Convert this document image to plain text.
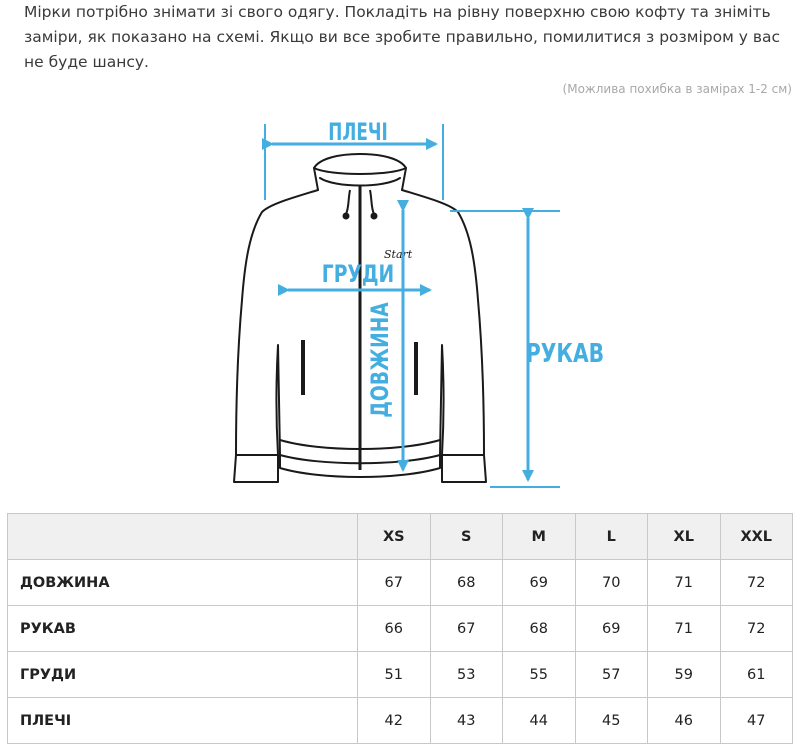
Мірки потрібно знімати зі свого одягу. Покладіть на рівну поверхню свою кофту та зніміть заміри, як показано на схемі. Якщо ви все зробите правильно, помилитися з розміром у вас не буде шансу.
(Можлива похибка в замірах 1-2 см)
Start
ПЛЕЧІ
ГРУДИ
ДОВЖИНА	РУКАВ
	XS	S	M	L	XL	XXL
ДОВЖИНА	67	68	69	70	71	72
РУКАВ	66	67	68	69	71	72
ГРУДИ	51	53	55	57	59	61
ПЛЕЧІ	42	43	44	45	46	47
